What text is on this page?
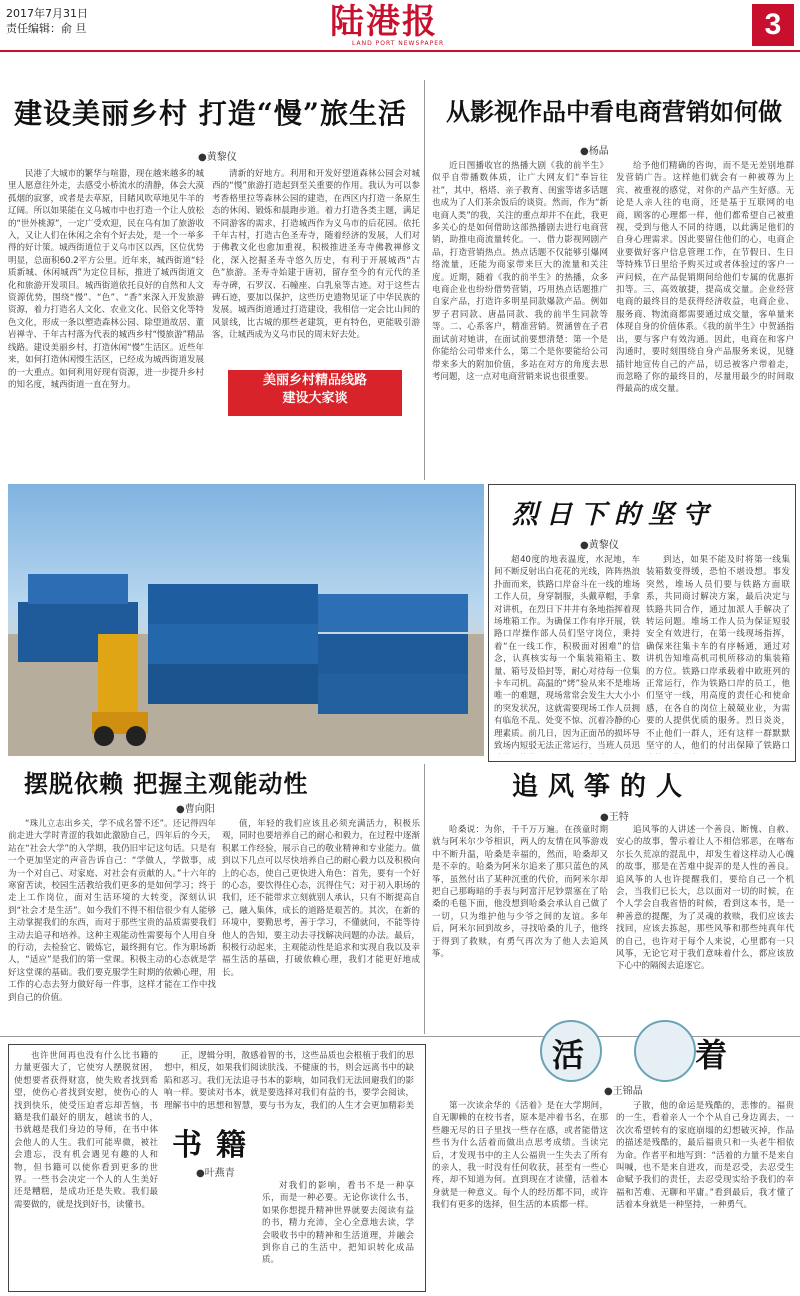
2017年7月31日
责任编辑：俞 旦	陆港报
LAND PORT NEWSPAPER
3
建设美丽乡村 打造“慢”旅生活
●黄黎仪

民港了大城市的繁华与喧嚣，现在越来越多的城里人愿意往外走，去感受小桥流水的清静，体会大漠孤烟的寂寥，或者是去草原，目睹风吹草地见牛羊的辽阔。所以如果能在义乌城市中也打造一个让人放松的“世外桃源”，一定广受欢迎，民在乌有加了旅游收入，又让人们在休闲之余有个好去处，是一个一举多得的好计策。城西街道位于义乌市区以西，区位优势明显，总面积60.2平方公里。近年来，城西街道“轻质新城、休闲城西”为定位目标，推进了城西街道文化和旅游开发项目。城西街道依托良好的自然和人文资源优势，围绕“慢”、“色”、“香”来深入开发旅游资源，着力打造名人文化、农业文化、民俗文化等特色文化，形成一条以塑造森林公园、除望道故居、董岩禅寺、千年古村落为代表的城西乡村“慢旅游”精品线路。建设美丽乡村，打造休闲“慢”生活区。近些年来，如何打造休闲慢生活区，已经成为城西街道发展的一大重点。如何利用好现有资源，进一步提升乡村的知名度，城西街道一直在努力。

清新的好地方。利用和开发好望道森林公园会对城西的“慢”旅游打造起到至关重要的作用。我认为可以参考香格里拉等森林公园的建造，在西区内打造一条原生态的休闲、锻炼和晨跑步道。着力打造各类主题，满足不同游客的需求，打造城西作为义乌市的后花园。依托千年古村，打造古色圣寿寺，随着经济的发展，人们对于佛教文化也愈加重视，积极推进圣寿寺佛教禅修文化，深入挖掘圣寿寺悠久历史，有利于开展城西“古色”旅游。圣寿寺始建于唐初，留存至今的有元代的圣寿寺碑，石罗汉、石幢座、白乳泉等古迹。对于这些古碑石迹，要加以保护，这些历史遗物见证了中华民族的发展。城西街道通过打造建设，我相信一定会比山间的风景线，比古城的那些老建筑，更有特色，更能吸引游客，让城西成为义乌市民的周末好去处。

美丽乡村精品线路
建设大家谈
从影视作品中看电商营销如何做
●杨晶

近日图播收官的热播大剧《我的前半生》似乎自带播数体质，让广大网友们“奉旨往社”，其中，格塔、亲子教育、闺蜜等诸多话题也成为了人们茶余饭后的谈资。然而，作为“新电商人类”的我，关注的重点却并不在此，我更多关心的是如何借助这部热播剧去进行电商营销，助推电商流量转化。一、借力影视网剧产品，打造营销热点。热点话题不仅能够引爆网络流量，还能为商家带来巨大的流量和关注度。近期，随着《我的前半生》的热播，众多电商企业也纷纷借势营销，巧用热点话题推广自家产品，打造许多明星同款爆款产品。例如罗子君同款、唐晶同款、我的前半生同款等等。二、心系客户，精准营销。贺涵曾在子君面试前对她讲，在面试前要想清楚：第一个是你能给公司带来什么，第二个是你要能给公司带来多大的附加价值，多站在对方的角度去思考问题，这一点对电商营销来说也很重要。

给予他们精确的咨询，而不是无差别地群发营销广告。这样他们就会有一种被尊为上宾、被重视的感觉，对你的产品产生好感。无论是人亲人往的电商，还是基于互联网的电商，顾客的心理都一样，他们都希望自己被重视，受到与他人不同的待遇，以此满足他们的自身心理需求。因此要留住他们的心，电商企业要做好客户信息管理工作，在节假日、生日等特殊节日里给予购买过或者体验过的客户一声问候，在产品促销期间给他们专属的优惠折扣等。三、高效敏捷，提高成交量。企业经营电商的最终目的是获得经济收益，电商企业、服务商、物流商都需要通过成交量，客单量来体现自身的价值体系。《我的前半生》中贺涵指出，要与客户有效沟通。因此，电商在和客户沟通时，要时刻围绕自身产品服务来说，见缝插针地宣传自己的产品，切忌被客户带着走，而忽略了你的最终目的，尽量用最少的时间取得最高的成交量。

烈日下的坚守
●黄黎仪

超40度的地表温度，水泥地，车间不断反射出白花花的光线，阵阵热浪扑面而来，铁路口岸奋斗在一线的堆场工作人员，身穿制服，头戴草帽，手拿对讲机，在烈日下井井有条地指挥着现场堆箱工作。为确保工作有序开展，铁路口岸操作部人员们坚守岗位，秉持着“在一线工作，积极面对困难”的信念，认真核实每一个集装箱箱主、数量、箱号及铅封等，耐心对待每一位集卡车司机。高温的“烤”验从来不是堆场唯一的难题，现场常常会发生大大小小的突发状况，这就需要现场工作人员拥有临危不乱、处变不惊、沉着冷静的心理素质。前几日，因为正面吊的损坏导致场内短驳无法正常运行，当班人员迅

到达，如果不能及时将第一线集装箱数变得缓，恐怕不堪设想。事发突然，堆场人员们要与铁路方面联系，共同商讨解决方案，最后决定与铁路共同合作，通过加派人手解决了转运问题。堆场工作人员为保证短驳安全有效进行，在第一线现场指挥，确保来往集卡车的有序畅通，通过对讲机告知堆高机司机所移动的集装箱的方位。铁路口岸承载着中欧班列的正常运行，作为铁路口岸的员工，他们坚守一线，用高度的责任心和使命感，在各自的岗位上兢兢业业，为需要的人提供优质的服务。烈日炎炎，不止他们一群人，还有这样一群默默坚守的人，他们的付出保障了铁路口

摆脱依赖 把握主观能动性
●曹向阳

“珠儿立志出乡关，学不成名誓不还”。还记得四年前走进大学时青涩的我如此激励自己，四年后的今天，站在“社会大学”的入学期，我仍旧牢记这句话。只是有一个更加坚定的声音告诉自己：“学做人，学做事，成为一个对自己、对家庭、对社会有贡献的人。”十六年的寒窗苦读，校园生活教给我们更多的是如何学习；终于走上工作岗位，面对生活环境的大转变，深刻认识到“社会才是生活”。如今我们不得不相信很少有人能够主动掌握我们的东西，而对于那些宝贵的品质需要我们主动去追寻和培养。这种主观能动性需要每个人用自身的行动，去检验它、锻炼它，最终拥有它。作为职场新人，“适应”是我们的第一堂课。积极主动的心态就是学好这堂课的基础。我们要克服学生时期的依赖心理，用工作的心态去努力做好每一件事，这样才能在工作中找到自己的价值。

值，年轻的我们应该且必须充满活力，积极乐观，同时也要培养自己的耐心和毅力，在过程中逐渐积累工作经验，展示自己的敬业精神和专业能力。做到以下几点可以尽快培养自己的耐心毅力以及积极向上的心态，使自己更快进入角色：首先，要有一个好的心态，要饮得住心态，沉得住气；对于初入职场的我们，还不能带求立刻就别人承认，只有不断提高自己，融入集体，成长的道路是艰苦的。其次，在新的环境中，要勤思考，善于学习，不懂就问，不能等待他人的告知，要主动去寻找解决问题的办法。最后，积极行动起来，主观能动性是追求和实现自我以及幸福生活的基础，打破依赖心理，我们才能更好地成长。

追风筝的人
●王特

哈桑说：为你，千千万万遍。在孩童时期就与阿米尔少爷相识，两人的友情在风筝游戏中不断升温，哈桑是幸福的，然而，哈桑却又是不幸的。哈桑为阿米尔追来了那只蓝色的风筝，虽然付出了某种沉重的代价，而阿米尔却把自己那晦暗的手表与阿富汗尼钞票塞在了哈桑的毛毯下面，他没想到哈桑会承认自己做了一切，只为维护他与少爷之间的友谊。多年后，阿米尔回到故乡，寻找哈桑的儿子，他终于得到了救赎，有勇气再次为了他人去追风筝。

追风筝的人讲述一个善良、断愧、自赦、安心的故事，警示着让人不相信邪恶，在喀布尔长久荒凉的混乱中，却发生着这样动人心魄的故事，那是在苦难中捉弄的是人性的善良。追风筝的人也许提醒我们，要给自己一个机会，当我们已长大，总以面对一切的时候，在个人学会自我省悟的时候，看到这本书，是一种善意的提醒，为了灵魂的救赎，我们应该去找回，应该去拣起，那些风筝和那些纯真年代的自己，也许对于每个人来说，心里都有一只风筝，无论它对于我们意味着什么，都应该放下心中的隔阂去追逐它。

活 着
●王锦晶

也许世间再也没有什么比书籍的力量更强大了，它使穷人摆脱贫困，使想要者获得财富，使失败者找到希望，使伤心者找到安慰，使伤心的人找到快乐，使受压迫者忘却苦恼，书籍是我们最好的朋友，越读书的人，书就越是我们身边的导师，在书中体会他人的人生。我们可能卑微，被社会遗忘，没有机会遇见有趣的人和物，但书籍可以使你看到更多的世界。一些书会决定一个人的人生美好还是糟糕，是成功还是失败。我们最需要做的，就是找到好书，读懂书。

书籍
●叶燕青

正，逻辑分明，散感着智的书，这些品质也会根植于我们的思想中，相反，如果我们阅读肤浅、不健康的书，则会远离书中的缺陷和恶习。我们无法追寻书本的影响，如同我们无法回避我们的影响一样。要读对书本，就是要选择对我们有益的书，要学会阅读，理解书中的思想和智慧，要与书为友，我们的人生才会更加精彩美

对我们的影响，看书不是一种享乐，而是一种必要。无论你读什么书，如果你想提升精神世界就要去阅读有益的书，精力充沛，全心全意地去读，学会吸收书中的精神和生活道理，并融会到你自己的生活中，把知识转化成品质。

第一次读余华的《活着》是在大学期间，自无聊赖的在校书者，原本是冲着书名，在那些趣无尽的日子里找一些存在感，或者能借这些书为什么活着而做出点思考成绩。当读完后，才发现书中的主人公福贵一生失去了所有的亲人，我一时没有任何收获，甚至有一些心疼，却不知道为何。直到现在才读懂，活着本身就是一种意义。每个人的经历都不同，或许我们有更多的选择，但生活的本质都一样。

子散，他的命运是残酷的，悲惨的。福贵的一生，看着亲人一个个从自己身边离去，一次次希望转有的家庭崩塌的幻想破灭掉，作品的描述是残酷的，最后福贵只和一头老牛相依为命。作者平和地写到：“活着的力量不是来自叫喊，也不是来自进攻，而是忍受，去忍受生命赋予我们的责任，去忍受现实给予我们的幸福和苦难、无聊和平庸。”看到最后，我才懂了活着本身就是一种坚持，一种勇气。
